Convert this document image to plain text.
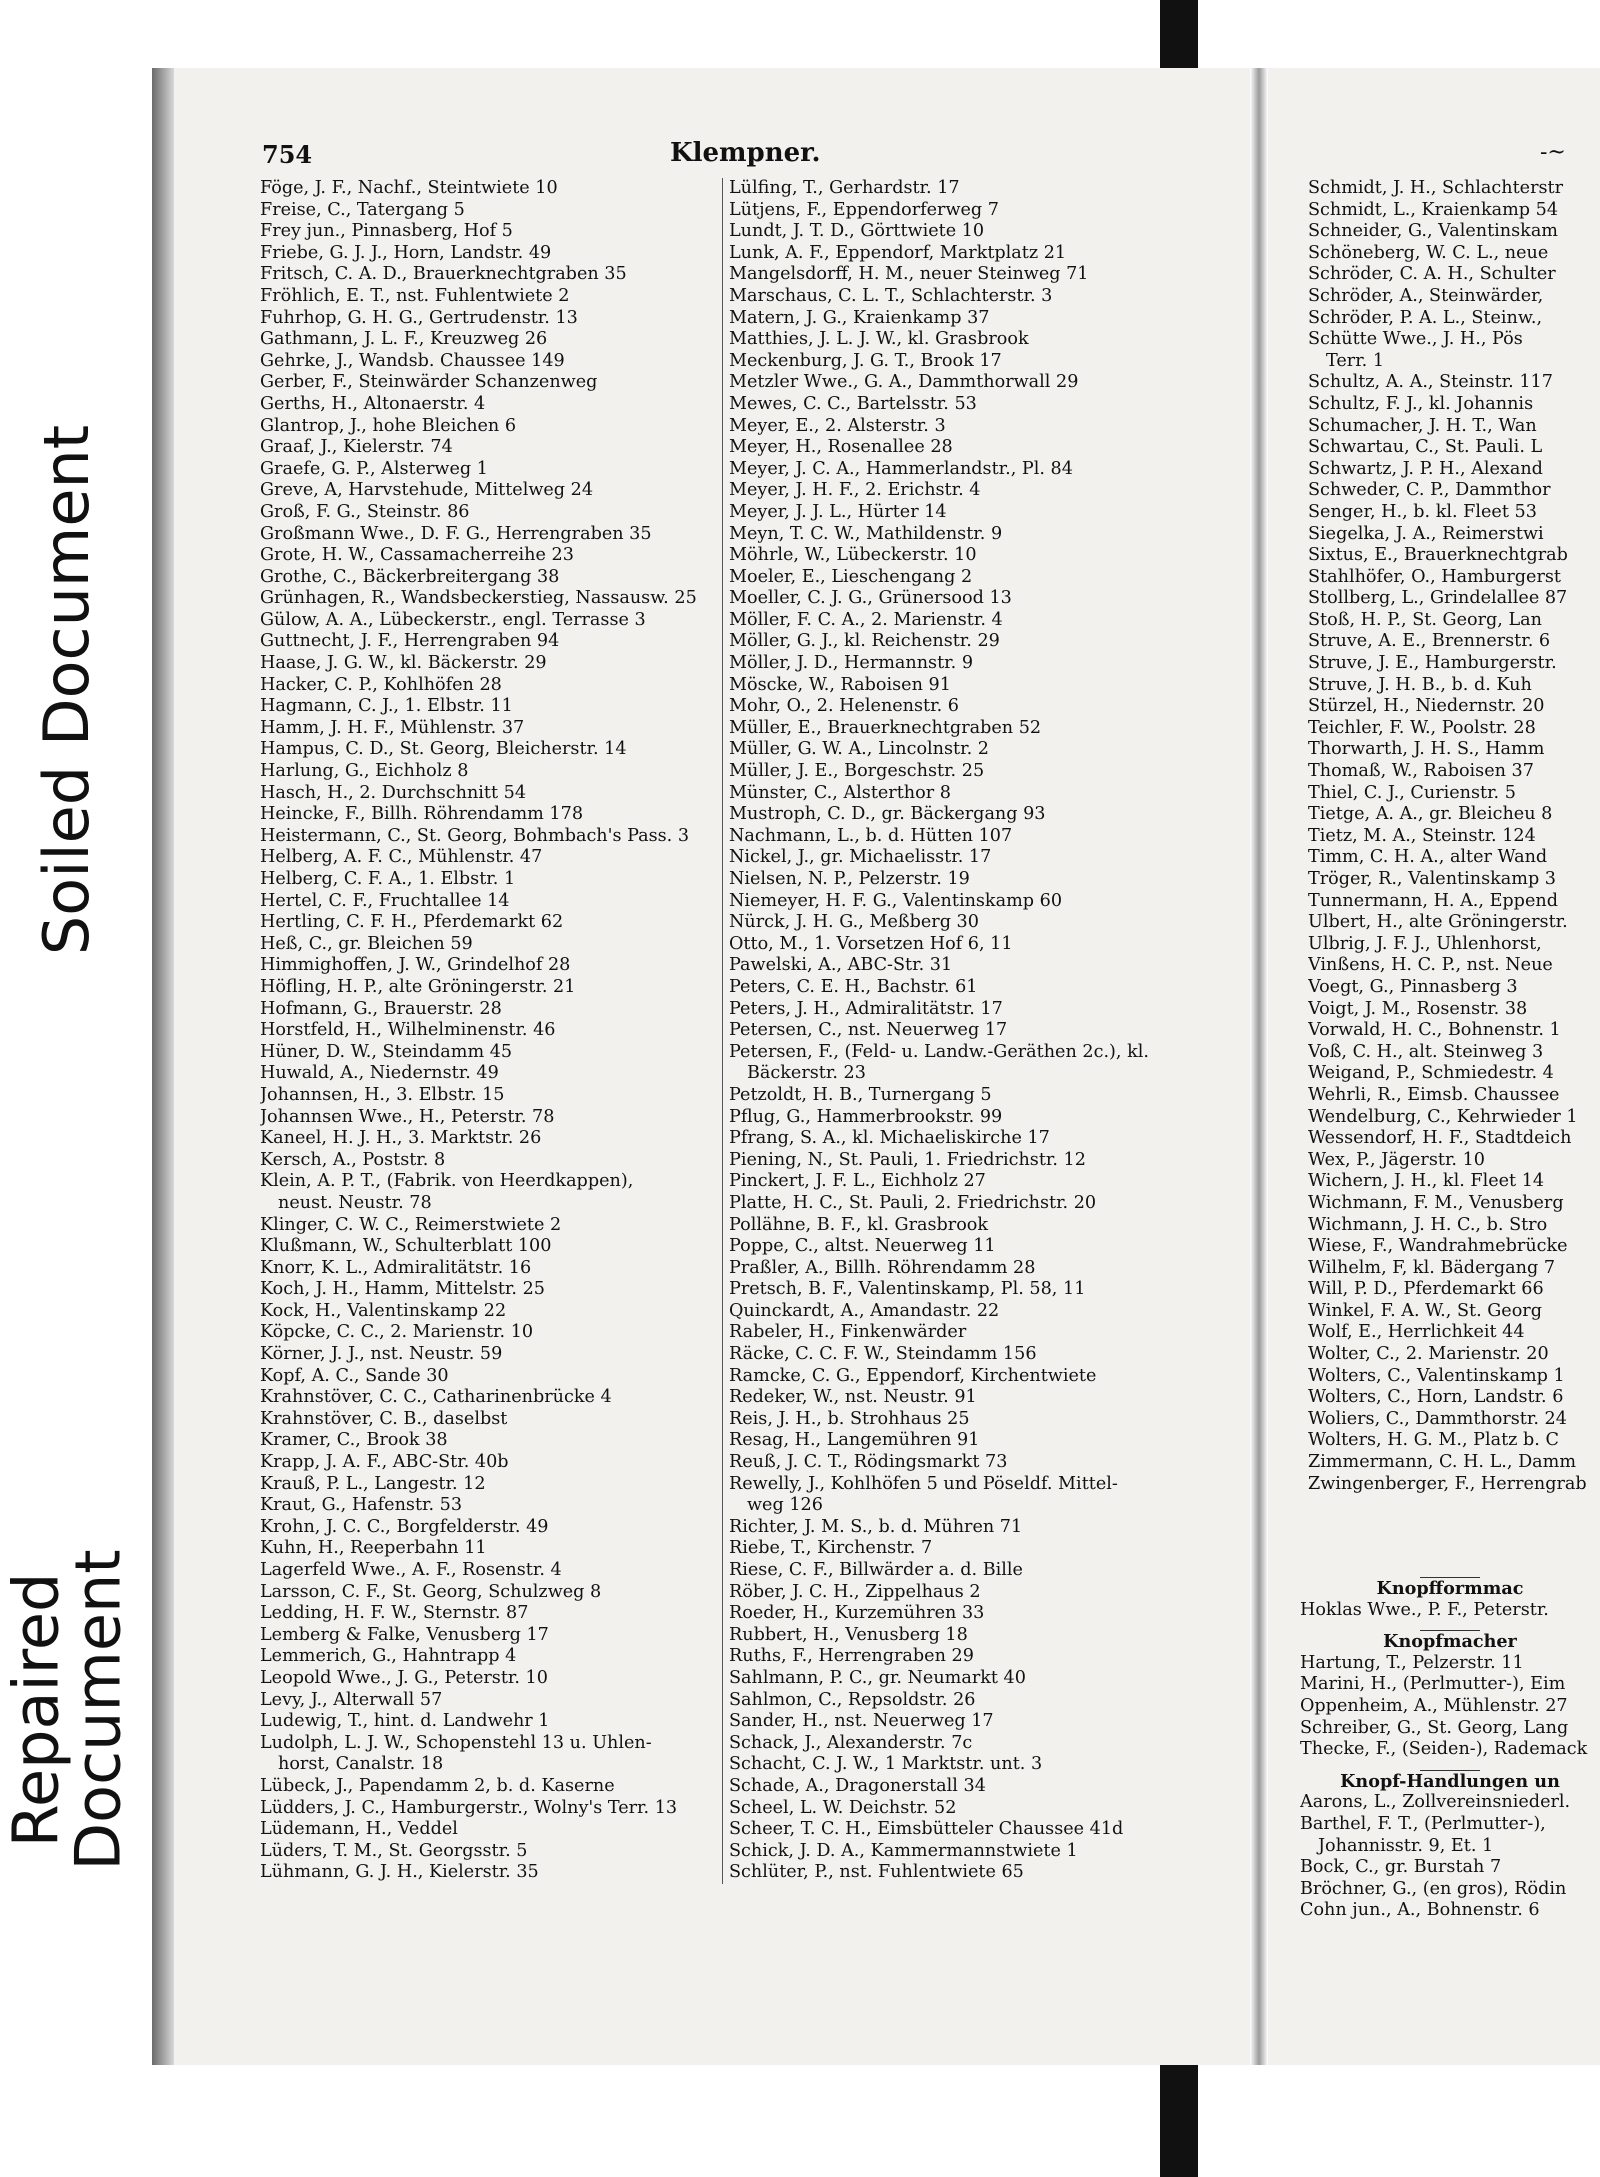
Soiled Document
Repaired
Document
754	Klempner.	-~
Föge, J. F., Nachf., Steintwiete 10
Freise, C., Tatergang 5
Frey jun., Pinnasberg, Hof 5
Friebe, G. J. J., Horn, Landstr. 49
Fritsch, C. A. D., Brauerknechtgraben 35
Fröhlich, E. T., nst. Fuhlentwiete 2
Fuhrhop, G. H. G., Gertrudenstr. 13
Gathmann, J. L. F., Kreuzweg 26
Gehrke, J., Wandsb. Chaussee 149
Gerber, F., Steinwärder Schanzenweg
Gerths, H., Altonaerstr. 4
Glantrop, J., hohe Bleichen 6
Graaf, J., Kielerstr. 74
Graefe, G. P., Alsterweg 1
Greve, A, Harvstehude, Mittelweg 24
Groß, F. G., Steinstr. 86
Großmann Wwe., D. F. G., Herrengraben 35
Grote, H. W., Cassamacherreihe 23
Grothe, C., Bäckerbreitergang 38
Grünhagen, R., Wandsbeckerstieg, Nassausw. 25
Gülow, A. A., Lübeckerstr., engl. Terrasse 3
Guttnecht, J. F., Herrengraben 94
Haase, J. G. W., kl. Bäckerstr. 29
Hacker, C. P., Kohlhöfen 28
Hagmann, C. J., 1. Elbstr. 11
Hamm, J. H. F., Mühlenstr. 37
Hampus, C. D., St. Georg, Bleicherstr. 14
Harlung, G., Eichholz 8
Hasch, H., 2. Durchschnitt 54
Heincke, F., Billh. Röhrendamm 178
Heistermann, C., St. Georg, Bohmbach's Pass. 3
Helberg, A. F. C., Mühlenstr. 47
Helberg, C. F. A., 1. Elbstr. 1
Hertel, C. F., Fruchtallee 14
Hertling, C. F. H., Pferdemarkt 62
Heß, C., gr. Bleichen 59
Himmighoffen, J. W., Grindelhof 28
Höfling, H. P., alte Gröningerstr. 21
Hofmann, G., Brauerstr. 28
Horstfeld, H., Wilhelminenstr. 46
Hüner, D. W., Steindamm 45
Huwald, A., Niedernstr. 49
Johannsen, H., 3. Elbstr. 15
Johannsen Wwe., H., Peterstr. 78
Kaneel, H. J. H., 3. Marktstr. 26
Kersch, A., Poststr. 8
Klein, A. P. T., (Fabrik. von Heerdkappen),
neust. Neustr. 78
Klinger, C. W. C., Reimerstwiete 2
Klußmann, W., Schulterblatt 100
Knorr, K. L., Admiralitätstr. 16
Koch, J. H., Hamm, Mittelstr. 25
Kock, H., Valentinskamp 22
Köpcke, C. C., 2. Marienstr. 10
Körner, J. J., nst. Neustr. 59
Kopf, A. C., Sande 30
Krahnstöver, C. C., Catharinenbrücke 4
Krahnstöver, C. B., daselbst
Kramer, C., Brook 38
Krapp, J. A. F., ABC-Str. 40b
Krauß, P. L., Langestr. 12
Kraut, G., Hafenstr. 53
Krohn, J. C. C., Borgfelderstr. 49
Kuhn, H., Reeperbahn 11
Lagerfeld Wwe., A. F., Rosenstr. 4
Larsson, C. F., St. Georg, Schulzweg 8
Ledding, H. F. W., Sternstr. 87
Lemberg & Falke, Venusberg 17
Lemmerich, G., Hahntrapp 4
Leopold Wwe., J. G., Peterstr. 10
Levy, J., Alterwall 57
Ludewig, T., hint. d. Landwehr 1
Ludolph, L. J. W., Schopenstehl 13 u. Uhlen-
horst, Canalstr. 18
Lübeck, J., Papendamm 2, b. d. Kaserne
Lüdders, J. C., Hamburgerstr., Wolny's Terr. 13
Lüdemann, H., Veddel
Lüders, T. M., St. Georgsstr. 5
Lühmann, G. J. H., Kielerstr. 35
Lülfing, T., Gerhardstr. 17
Lütjens, F., Eppendorferweg 7
Lundt, J. T. D., Görttwiete 10
Lunk, A. F., Eppendorf, Marktplatz 21
Mangelsdorff, H. M., neuer Steinweg 71
Marschaus, C. L. T., Schlachterstr. 3
Matern, J. G., Kraienkamp 37
Matthies, J. L. J. W., kl. Grasbrook
Meckenburg, J. G. T., Brook 17
Metzler Wwe., G. A., Dammthorwall 29
Mewes, C. C., Bartelsstr. 53
Meyer, E., 2. Alsterstr. 3
Meyer, H., Rosenallee 28
Meyer, J. C. A., Hammerlandstr., Pl. 84
Meyer, J. H. F., 2. Erichstr. 4
Meyer, J. J. L., Hürter 14
Meyn, T. C. W., Mathildenstr. 9
Möhrle, W., Lübeckerstr. 10
Moeler, E., Lieschengang 2
Moeller, C. J. G., Grünersood 13
Möller, F. C. A., 2. Marienstr. 4
Möller, G. J., kl. Reichenstr. 29
Möller, J. D., Hermannstr. 9
Möscke, W., Raboisen 91
Mohr, O., 2. Helenenstr. 6
Müller, E., Brauerknechtgraben 52
Müller, G. W. A., Lincolnstr. 2
Müller, J. E., Borgeschstr. 25
Münster, C., Alsterthor 8
Mustroph, C. D., gr. Bäckergang 93
Nachmann, L., b. d. Hütten 107
Nickel, J., gr. Michaelisstr. 17
Nielsen, N. P., Pelzerstr. 19
Niemeyer, H. F. G., Valentinskamp 60
Nürck, J. H. G., Meßberg 30
Otto, M., 1. Vorsetzen Hof 6, 11
Pawelski, A., ABC-Str. 31
Peters, C. E. H., Bachstr. 61
Peters, J. H., Admiralitätstr. 17
Petersen, C., nst. Neuerweg 17
Petersen, F., (Feld- u. Landw.-Geräthen 2c.), kl.
Bäckerstr. 23
Petzoldt, H. B., Turnergang 5
Pflug, G., Hammerbrookstr. 99
Pfrang, S. A., kl. Michaeliskirche 17
Piening, N., St. Pauli, 1. Friedrichstr. 12
Pinckert, J. F. L., Eichholz 27
Platte, H. C., St. Pauli, 2. Friedrichstr. 20
Pollähne, B. F., kl. Grasbrook
Poppe, C., altst. Neuerweg 11
Praßler, A., Billh. Röhrendamm 28
Pretsch, B. F., Valentinskamp, Pl. 58, 11
Quinckardt, A., Amandastr. 22
Rabeler, H., Finkenwärder
Räcke, C. C. F. W., Steindamm 156
Ramcke, C. G., Eppendorf, Kirchentwiete
Redeker, W., nst. Neustr. 91
Reis, J. H., b. Strohhaus 25
Resag, H., Langemühren 91
Reuß, J. C. T., Rödingsmarkt 73
Rewelly, J., Kohlhöfen 5 und Pöseldf. Mittel-
weg 126
Richter, J. M. S., b. d. Mühren 71
Riebe, T., Kirchenstr. 7
Riese, C. F., Billwärder a. d. Bille
Röber, J. C. H., Zippelhaus 2
Roeder, H., Kurzemühren 33
Rubbert, H., Venusberg 18
Ruths, F., Herrengraben 29
Sahlmann, P. C., gr. Neumarkt 40
Sahlmon, C., Repsoldstr. 26
Sander, H., nst. Neuerweg 17
Schack, J., Alexanderstr. 7c
Schacht, C. J. W., 1 Marktstr. unt. 3
Schade, A., Dragonerstall 34
Scheel, L. W. Deichstr. 52
Scheer, T. C. H., Eimsbütteler Chaussee 41d
Schick, J. D. A., Kammermannstwiete 1
Schlüter, P., nst. Fuhlentwiete 65
Schmidt, J. H., Schlachterstr
Schmidt, L., Kraienkamp 54
Schneider, G., Valentinskam
Schöneberg, W. C. L., neue
Schröder, C. A. H., Schulter
Schröder, A., Steinwärder,
Schröder, P. A. L., Steinw.,
Schütte Wwe., J. H., Pös
Terr. 1
Schultz, A. A., Steinstr. 117
Schultz, F. J., kl. Johannis
Schumacher, J. H. T., Wan
Schwartau, C., St. Pauli. L
Schwartz, J. P. H., Alexand
Schweder, C. P., Dammthor
Senger, H., b. kl. Fleet 53
Siegelka, J. A., Reimerstwi
Sixtus, E., Brauerknechtgrab
Stahlhöfer, O., Hamburgerst
Stollberg, L., Grindelallee 87
Stoß, H. P., St. Georg, Lan
Struve, A. E., Brennerstr. 6
Struve, J. E., Hamburgerstr.
Struve, J. H. B., b. d. Kuh
Stürzel, H., Niedernstr. 20
Teichler, F. W., Poolstr. 28
Thorwarth, J. H. S., Hamm
Thomaß, W., Raboisen 37
Thiel, C. J., Curienstr. 5
Tietge, A. A., gr. Bleicheu 8
Tietz, M. A., Steinstr. 124
Timm, C. H. A., alter Wand
Tröger, R., Valentinskamp 3
Tunnermann, H. A., Eppend
Ulbert, H., alte Gröningerstr.
Ulbrig, J. F. J., Uhlenhorst,
Vinßens, H. C. P., nst. Neue
Voegt, G., Pinnasberg 3
Voigt, J. M., Rosenstr. 38
Vorwald, H. C., Bohnenstr. 1
Voß, C. H., alt. Steinweg 3
Weigand, P., Schmiedestr. 4
Wehrli, R., Eimsb. Chaussee
Wendelburg, C., Kehrwieder 1
Wessendorf, H. F., Stadtdeich
Wex, P., Jägerstr. 10
Wichern, J. H., kl. Fleet 14
Wichmann, F. M., Venusberg
Wichmann, J. H. C., b. Stro
Wiese, F., Wandrahmebrücke
Wilhelm, F, kl. Bädergang 7
Will, P. D., Pferdemarkt 66
Winkel, F. A. W., St. Georg
Wolf, E., Herrlichkeit 44
Wolter, C., 2. Marienstr. 20
Wolters, C., Valentinskamp 1
Wolters, C., Horn, Landstr. 6
Woliers, C., Dammthorstr. 24
Wolters, H. G. M., Platz b. C
Zimmermann, C. H. L., Damm
Zwingenberger, F., Herrengrab
Knopfformmac
Hoklas Wwe., P. F., Peterstr.
Knopfmacher
Hartung, T., Pelzerstr. 11
Marini, H., (Perlmutter-), Eim
Oppenheim, A., Mühlenstr. 27
Schreiber, G., St. Georg, Lang
Thecke, F., (Seiden-), Rademack
Knopf-Handlungen un
Aarons, L., Zollvereinsniederl.
Barthel, F. T., (Perlmutter-),
Johannisstr. 9, Et. 1
Bock, C., gr. Burstah 7
Bröchner, G., (en gros), Rödin
Cohn jun., A., Bohnenstr. 6
